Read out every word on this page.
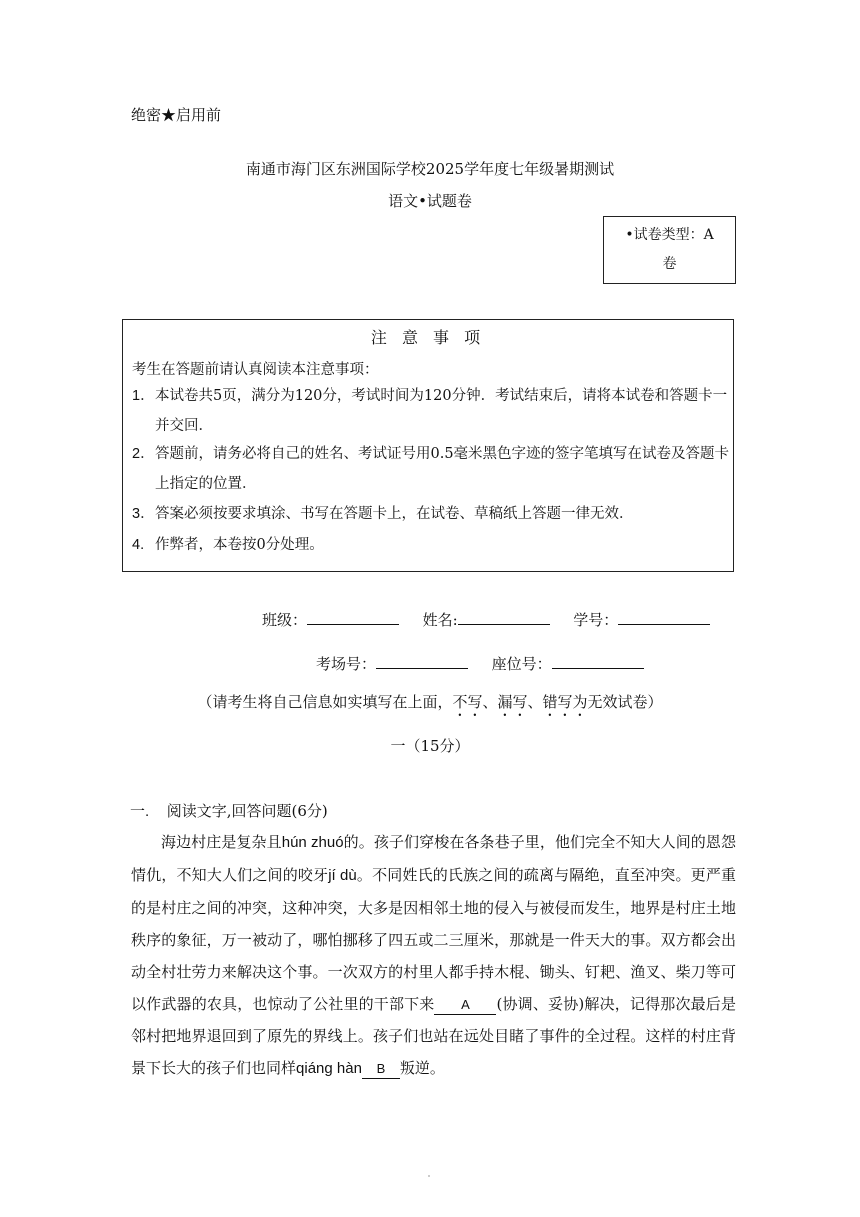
绝密★启用前
南通市海门区东洲国际学校2025学年度七年级暑期测试
语文•试题卷
•试卷类型：A
卷
注 意 事 项
考生在答题前请认真阅读本注意事项：
1． 本试卷共5页，满分为120分，考试时间为120分钟．考试结束后，请将本试卷和答题卡一并交回．
2． 答题前，请务必将自己的姓名、考试证号用0.5毫米黑色字迹的签字笔填写在试卷及答题卡上指定的位置．
3． 答案必须按要求填涂、书写在答题卡上，在试卷、草稿纸上答题一律无效．
4. 作弊者，本卷按0分处理。
班级：	姓名:	学号：
考场号：	座位号：
（请考生将自己信息如实填写在上面，不写、漏写、错写为无效试卷）
一（15分）
一. 阅读文字,回答问题(6分)
海边村庄是复杂且hún zhuó的。孩子们穿梭在各条巷子里，他们完全不知大人间的恩怨情仇，不知大人们之间的咬牙jí dù。不同姓氏的氏族之间的疏离与隔绝，直至冲突。更严重的是村庄之间的冲突，这种冲突，大多是因相邻土地的侵入与被侵而发生，地界是村庄土地秩序的象征，万一被动了，哪怕挪移了四五或二三厘米，那就是一件天大的事。双方都会出动全村壮劳力来解决这个事。一次双方的村里人都手持木棍、锄头、钉耙、渔叉、柴刀等可以作武器的农具，也惊动了公社里的干部下来 A (协调、妥协)解决，记得那次最后是邻村把地界退回到了原先的界线上。孩子们也站在远处目睹了事件的全过程。这样的村庄背景下长大的孩子们也同样qiáng hàn B 叛逆。
